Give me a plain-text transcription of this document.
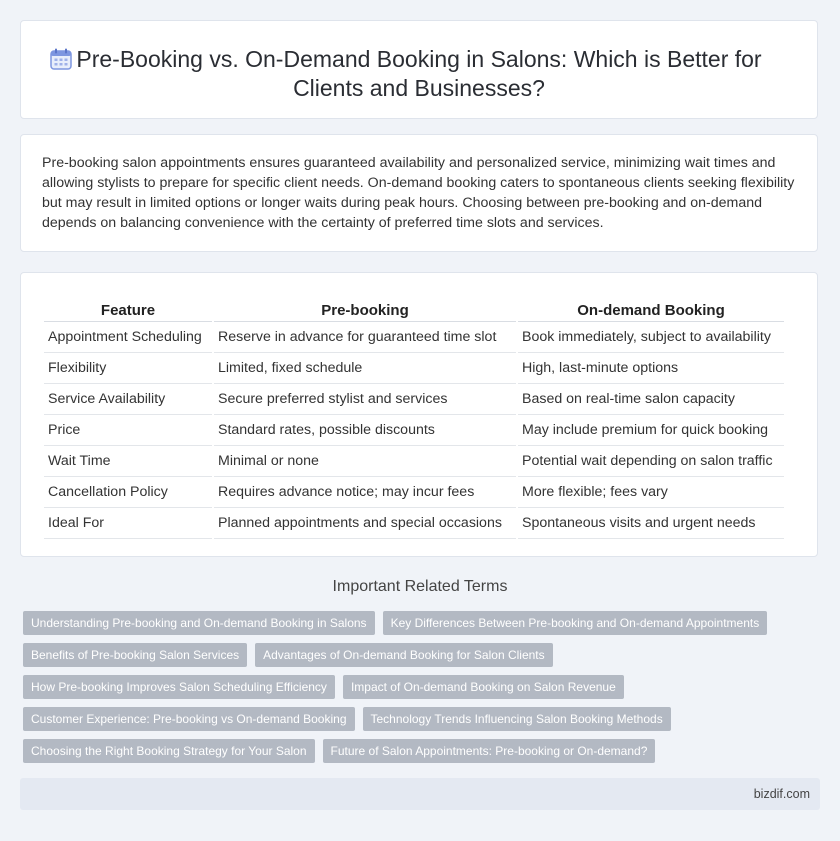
Pre-Booking vs. On-Demand Booking in Salons: Which is Better for Clients and Businesses?

Pre-booking salon appointments ensures guaranteed availability and personalized service, minimizing wait times and allowing stylists to prepare for specific client needs. On-demand booking caters to spontaneous clients seeking flexibility but may result in limited options or longer waits during peak hours. Choosing between pre-booking and on-demand depends on balancing convenience with the certainty of preferred time slots and services.

Feature	Pre-booking	On-demand Booking
Appointment Scheduling	Reserve in advance for guaranteed time slot	Book immediately, subject to availability
Flexibility	Limited, fixed schedule	High, last-minute options
Service Availability	Secure preferred stylist and services	Based on real-time salon capacity
Price	Standard rates, possible discounts	May include premium for quick booking
Wait Time	Minimal or none	Potential wait depending on salon traffic
Cancellation Policy	Requires advance notice; may incur fees	More flexible; fees vary
Ideal For	Planned appointments and special occasions	Spontaneous visits and urgent needs
Important Related Terms
Understanding Pre-booking and On-demand Booking in Salons	Key Differences Between Pre-booking and On-demand Appointments
Benefits of Pre-booking Salon Services	Advantages of On-demand Booking for Salon Clients
How Pre-booking Improves Salon Scheduling Efficiency	Impact of On-demand Booking on Salon Revenue
Customer Experience: Pre-booking vs On-demand Booking	Technology Trends Influencing Salon Booking Methods
Choosing the Right Booking Strategy for Your Salon	Future of Salon Appointments: Pre-booking or On-demand?
bizdif.com
